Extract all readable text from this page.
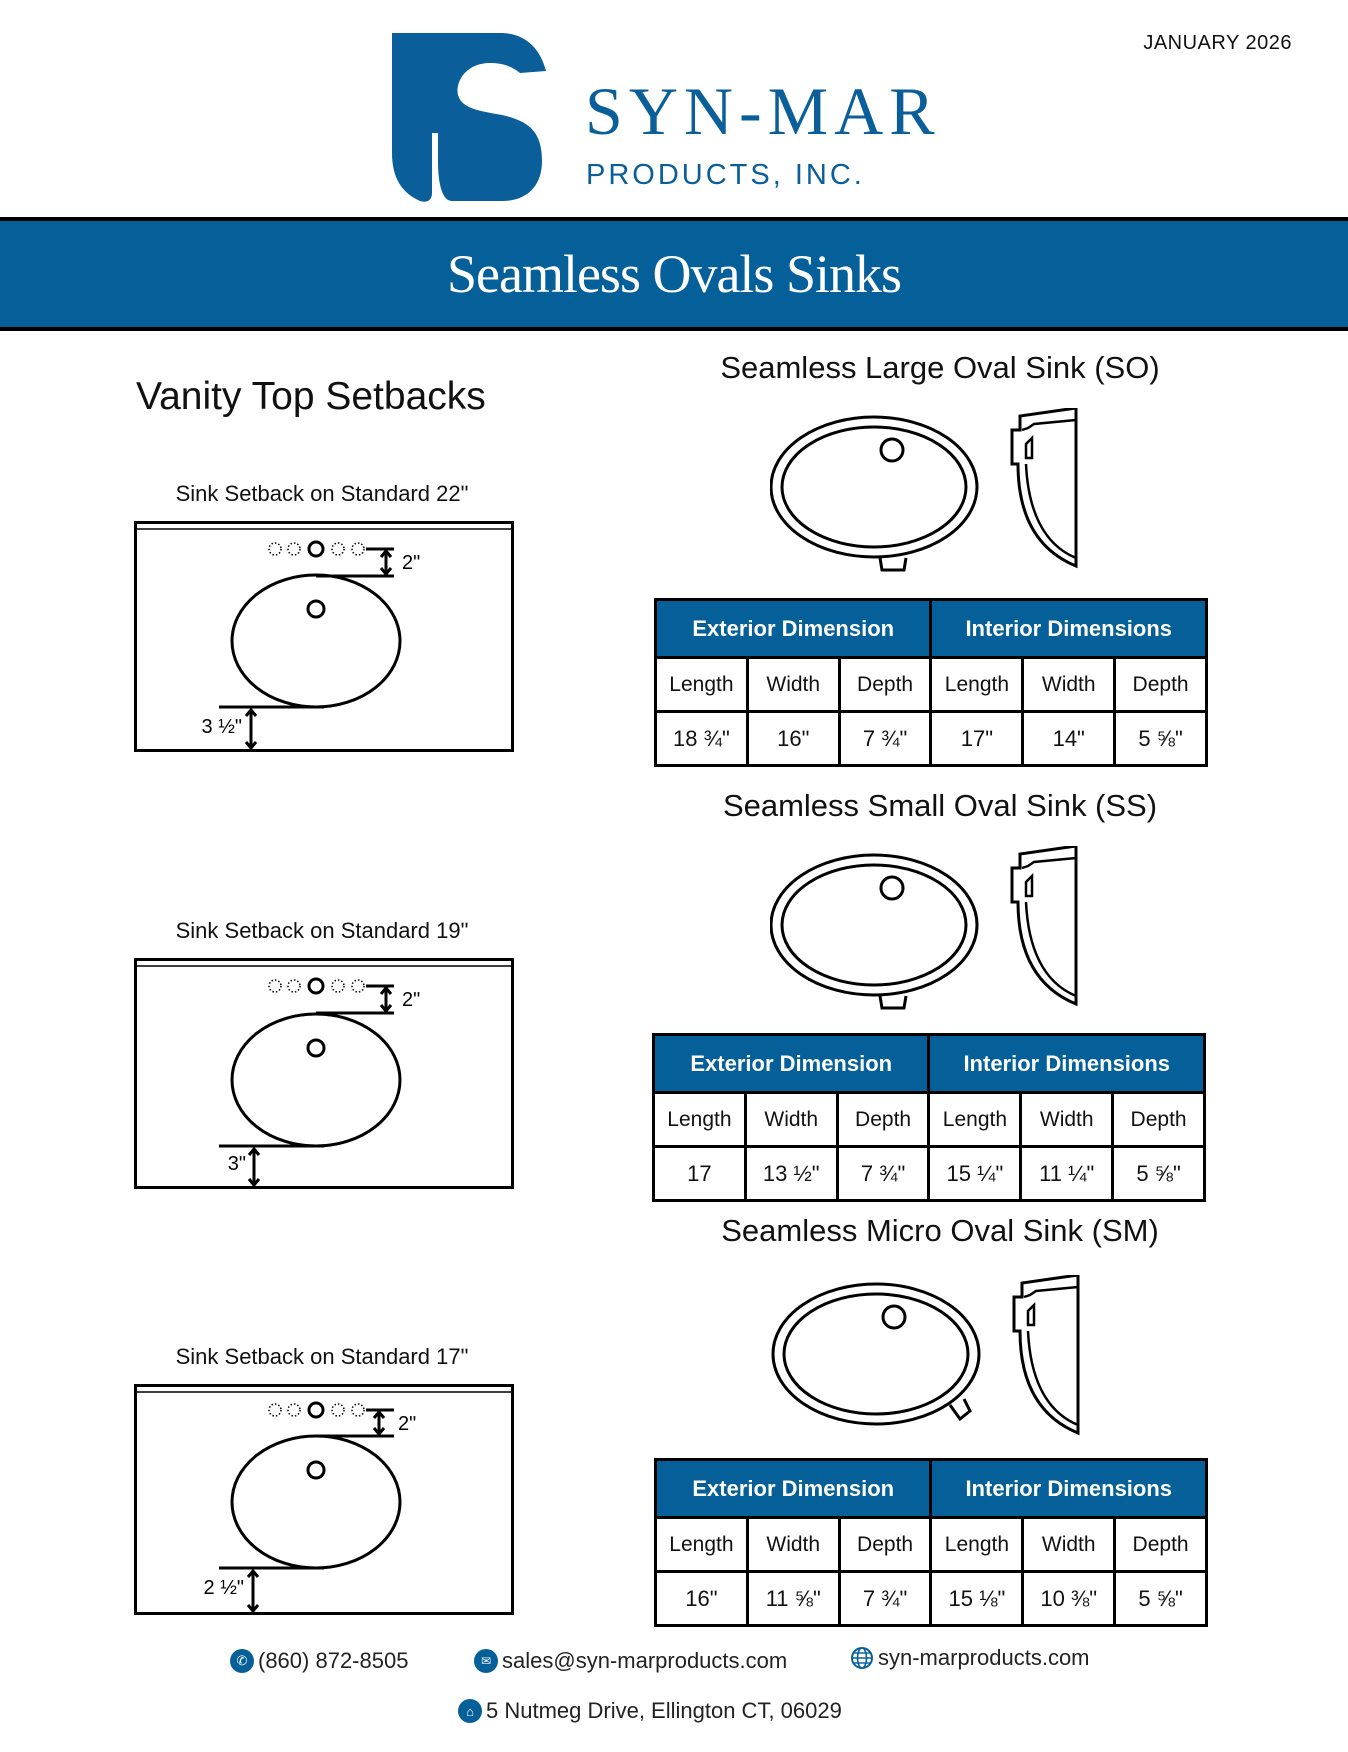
JANUARY 2026
SYN-MAR
PRODUCTS, INC.
Seamless Ovals Sinks
Vanity Top Setbacks
Sink Setback on Standard 22ʺ
2ʺ
3 ½ʺ
Sink Setback on Standard 19ʺ
2ʺ
3ʺ
Sink Setback on Standard 17ʺ
2ʺ
2 ½ʺ
Seamless Large Oval Sink (SO)
Exterior Dimension			Interior Dimensions		
Length	Width	Depth	Length	Width	Depth
18 ¾ʺ	16ʺ	7 ¾ʺ	17ʺ	14ʺ	5 ⅝ʺ
Seamless Small Oval Sink (SS)
Exterior Dimension			Interior Dimensions		
Length	Width	Depth	Length	Width	Depth
17	13 ½ʺ	7 ¾ʺ	15 ¼ʺ	11 ¼ʺ	5 ⅝ʺ
Seamless Micro Oval Sink (SM)
Exterior Dimension			Interior Dimensions		
Length	Width	Depth	Length	Width	Depth
16ʺ	11 ⅝ʺ	7 ¾ʺ	15 ⅛ʺ	10 ⅜ʺ	5 ⅝ʺ
✆ (860) 872-8505	✉ sales@syn-marproducts.com	syn-marproducts.com
⌂ 5 Nutmeg Drive, Ellington CT, 06029
